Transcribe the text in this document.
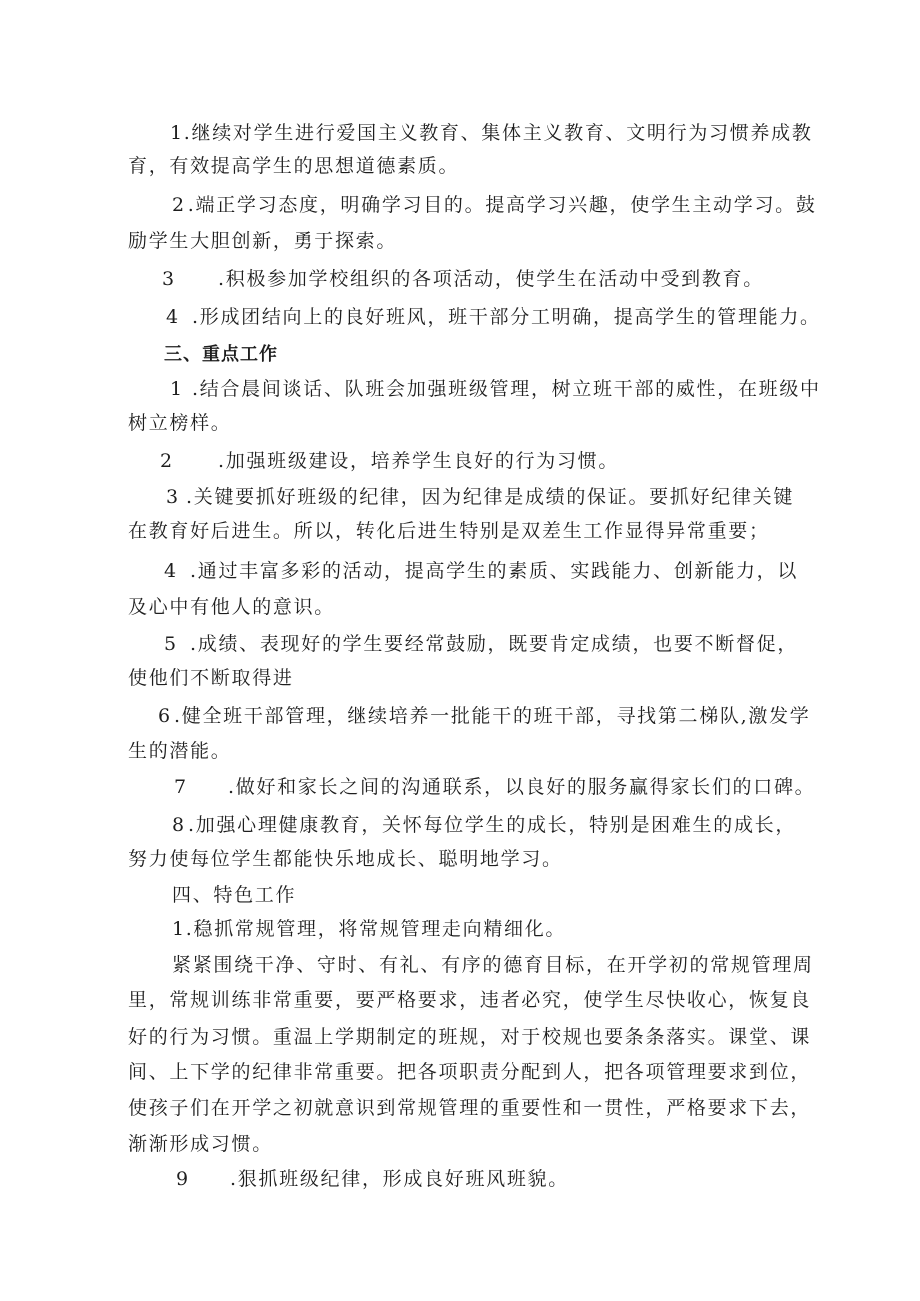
1.继续对学生进行爱国主义教育、集体主义教育、文明行为习惯养成教
育，有效提高学生的思想道德素质。
2 .端正学习态度，明确学习目的。提高学习兴趣，使学生主动学习。鼓
励学生大胆创新，勇于探索。
3 .积极参加学校组织的各项活动，使学生在活动中受到教育。
4 .形成团结向上的良好班风，班干部分工明确，提高学生的管理能力。
三、重点工作
1 .结合晨间谈话、队班会加强班级管理，树立班干部的威性，在班级中
树立榜样。
2 .加强班级建设，培养学生良好的行为习惯。
3 .关键要抓好班级的纪律，因为纪律是成绩的保证。要抓好纪律关键
在教育好后进生。所以，转化后进生特别是双差生工作显得异常重要；
4 .通过丰富多彩的活动，提高学生的素质、实践能力、创新能力，以
及心中有他人的意识。
5 .成绩、表现好的学生要经常鼓励，既要肯定成绩，也要不断督促，
使他们不断取得进
6 .健全班干部管理，继续培养一批能干的班干部，寻找第二梯队,激发学
生的潜能。
7 .做好和家长之间的沟通联系，以良好的服务赢得家长们的口碑。
8 .加强心理健康教育，关怀每位学生的成长，特别是困难生的成长，
努力使每位学生都能快乐地成长、聪明地学习。
四、特色工作
1.稳抓常规管理，将常规管理走向精细化。
紧紧围绕干净、守时、有礼、有序的德育目标，在开学初的常规管理周
里，常规训练非常重要，要严格要求，违者必究，使学生尽快收心，恢复良
好的行为习惯。重温上学期制定的班规，对于校规也要条条落实。课堂、课
间、上下学的纪律非常重要。把各项职责分配到人，把各项管理要求到位，
使孩子们在开学之初就意识到常规管理的重要性和一贯性，严格要求下去，
渐渐形成习惯。
9 .狠抓班级纪律，形成良好班风班貌。
